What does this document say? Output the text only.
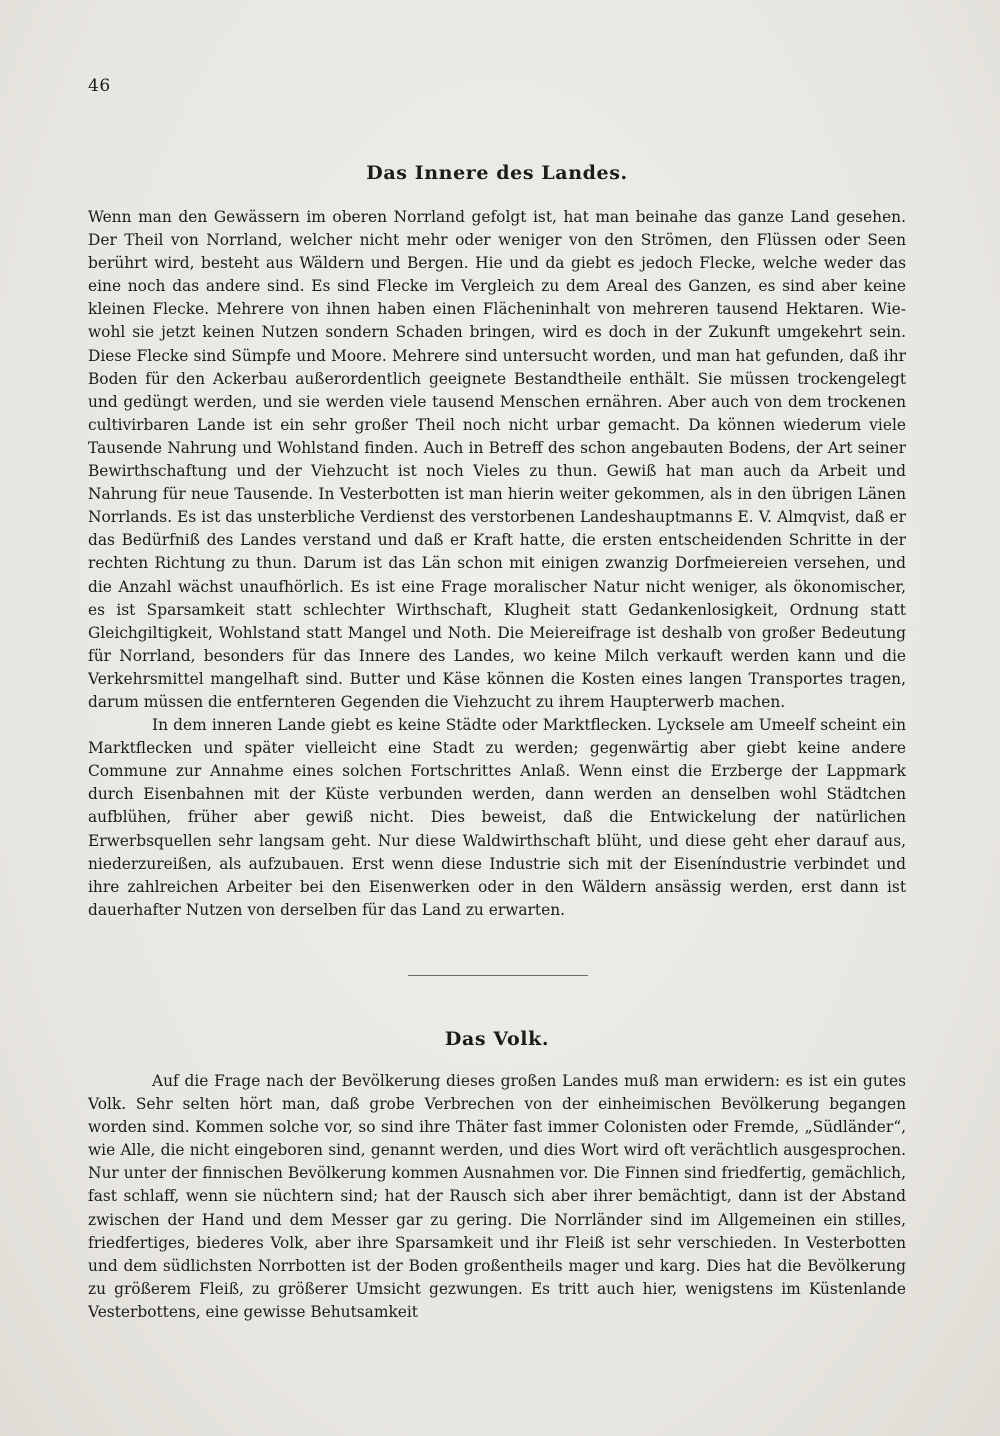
46
Das Innere des Landes.

Wenn man den Gewässern im oberen Norrland gefolgt ist, hat man beinahe das ganze Land gesehen. Der Theil von Norrland, welcher nicht mehr oder weniger von den Strömen, den Flüssen oder Seen berührt wird, besteht aus Wäldern und Bergen. Hie und da giebt es jedoch Flecke, welche weder das eine noch das andere sind. Es sind Flecke im Vergleich zu dem Areal des Ganzen, es sind aber keine kleinen Flecke. Mehrere von ihnen haben einen Flächeninhalt von mehreren tausend Hektaren. Wie-wohl sie jetzt keinen Nutzen sondern Schaden bringen, wird es doch in der Zukunft umgekehrt sein. Diese Flecke sind Sümpfe und Moore. Mehrere sind untersucht worden, und man hat gefunden, daß ihr Boden für den Ackerbau außerordentlich geeignete Bestandtheile enthält. Sie müssen trockengelegt und gedüngt werden, und sie werden viele tausend Menschen ernähren. Aber auch von dem trockenen cultivirbaren Lande ist ein sehr großer Theil noch nicht urbar gemacht. Da können wiederum viele Tausende Nahrung und Wohlstand finden. Auch in Betreff des schon angebauten Bodens, der Art seiner Bewirthschaftung und der Viehzucht ist noch Vieles zu thun. Gewiß hat man auch da Arbeit und Nahrung für neue Tausende. In Vesterbotten ist man hierin weiter gekommen, als in den übrigen Länen Norrlands. Es ist das unsterbliche Verdienst des verstorbenen Landeshauptmanns E. V. Almqvist, daß er das Bedürfniß des Landes verstand und daß er Kraft hatte, die ersten entscheidenden Schritte in der rechten Richtung zu thun. Darum ist das Län schon mit einigen zwanzig Dorfmeiereien versehen, und die Anzahl wächst unaufhörlich. Es ist eine Frage moralischer Natur nicht weniger, als ökonomischer, es ist Sparsamkeit statt schlechter Wirthschaft, Klugheit statt Gedankenlosigkeit, Ordnung statt Gleichgiltigkeit, Wohlstand statt Mangel und Noth. Die Meiereifrage ist deshalb von großer Bedeutung für Norrland, besonders für das Innere des Landes, wo keine Milch verkauft werden kann und die Verkehrsmittel mangelhaft sind. Butter und Käse können die Kosten eines langen Transportes tragen, darum müssen die entfernteren Gegenden die Viehzucht zu ihrem Haupterwerb machen.

In dem inneren Lande giebt es keine Städte oder Marktflecken. Lycksele am Umeelf scheint ein Marktflecken und später vielleicht eine Stadt zu werden; gegenwärtig aber giebt keine andere Commune zur Annahme eines solchen Fortschrittes Anlaß. Wenn einst die Erzberge der Lappmark durch Eisenbahnen mit der Küste verbunden werden, dann werden an denselben wohl Städtchen aufblühen, früher aber gewiß nicht. Dies beweist, daß die Entwickelung der natürlichen Erwerbsquellen sehr langsam geht. Nur diese Waldwirthschaft blüht, und diese geht eher darauf aus, niederzureißen, als aufzubauen. Erst wenn diese Industrie sich mit der Eiseníndustrie verbindet und ihre zahlreichen Arbeiter bei den Eisenwerken oder in den Wäldern ansässig werden, erst dann ist dauerhafter Nutzen von derselben für das Land zu erwarten.

Das Volk.

Auf die Frage nach der Bevölkerung dieses großen Landes muß man erwidern: es ist ein gutes Volk. Sehr selten hört man, daß grobe Verbrechen von der einheimischen Bevölkerung begangen worden sind. Kommen solche vor, so sind ihre Thäter fast immer Colonisten oder Fremde, „Südländer“, wie Alle, die nicht eingeboren sind, genannt werden, und dies Wort wird oft verächtlich ausgesprochen. Nur unter der finnischen Bevölkerung kommen Ausnahmen vor. Die Finnen sind friedfertig, gemächlich, fast schlaff, wenn sie nüchtern sind; hat der Rausch sich aber ihrer bemächtigt, dann ist der Abstand zwischen der Hand und dem Messer gar zu gering. Die Norrländer sind im Allgemeinen ein stilles, friedfertiges, biederes Volk, aber ihre Sparsamkeit und ihr Fleiß ist sehr verschieden. In Vesterbotten und dem südlichsten Norrbotten ist der Boden großentheils mager und karg. Dies hat die Bevölkerung zu größerem Fleiß, zu größerer Umsicht gezwungen. Es tritt auch hier, wenigstens im Küstenlande Vesterbottens, eine gewisse Behutsamkeit
